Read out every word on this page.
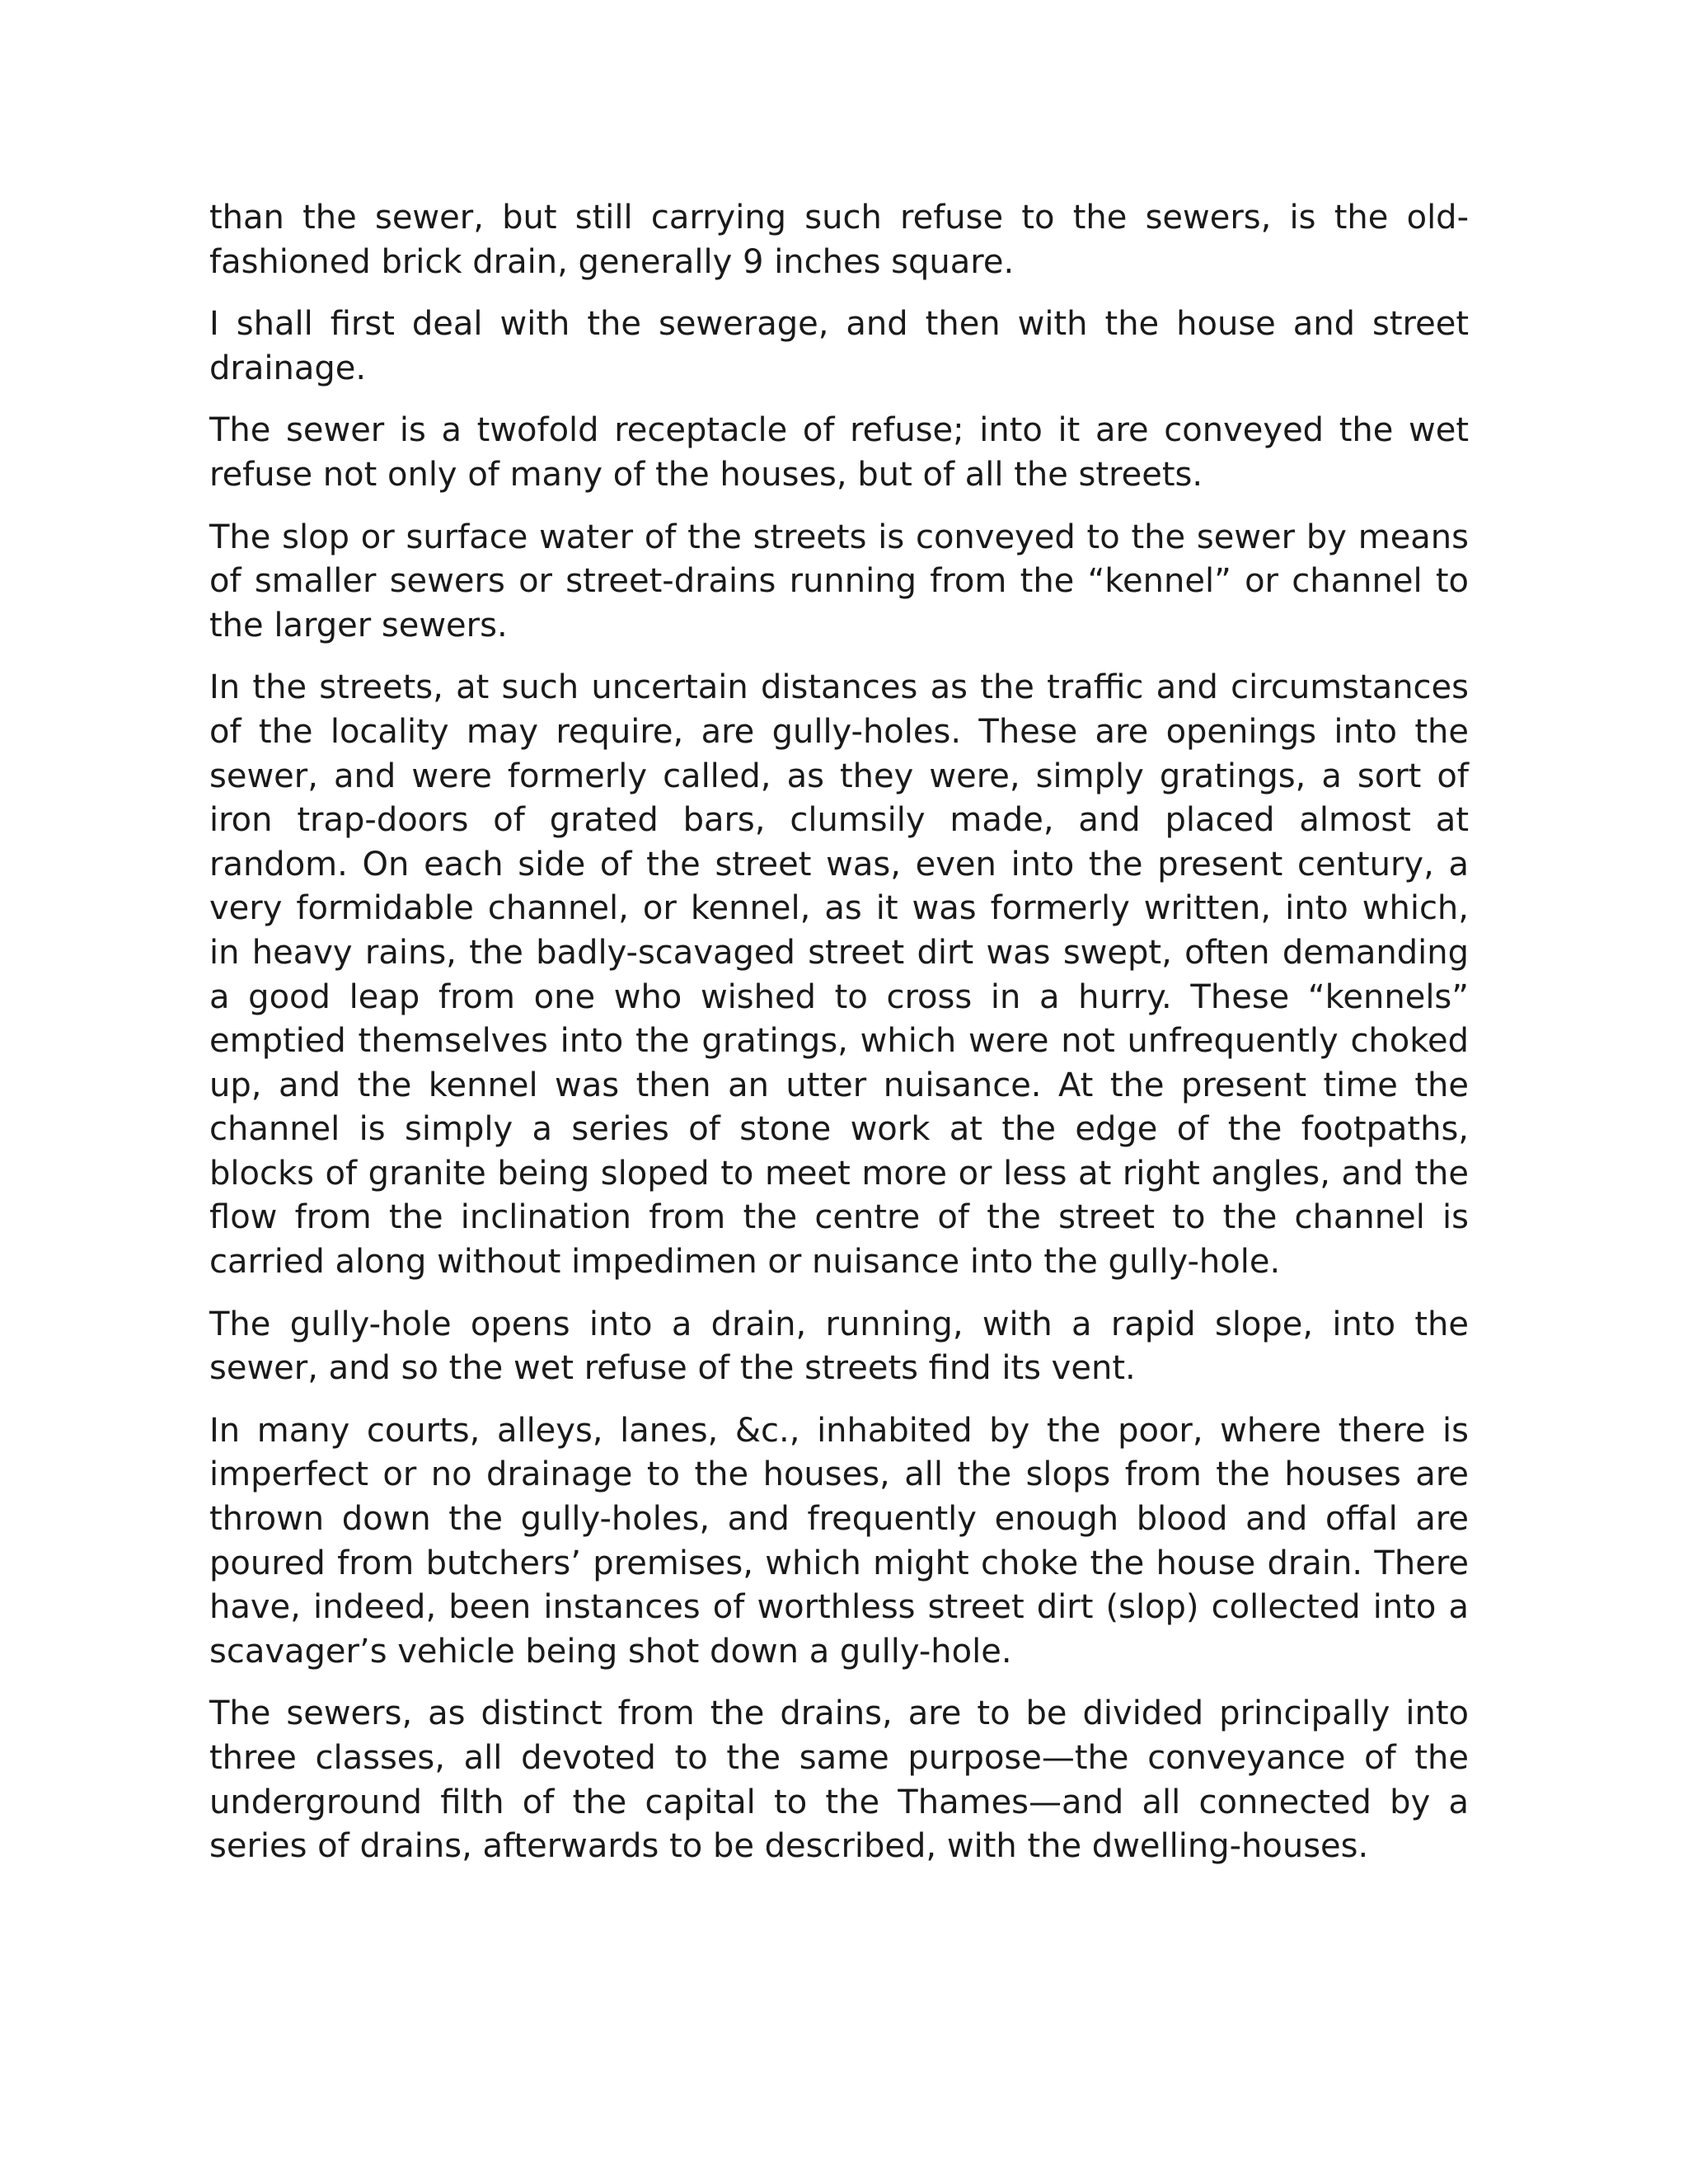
than the sewer, but still carrying such refuse to the sewers, is the old-fashioned brick drain, generally 9 inches square.

I shall first deal with the sewerage, and then with the house and street drainage.

The sewer is a twofold receptacle of refuse; into it are conveyed the wet refuse not only of many of the houses, but of all the streets.

The slop or surface water of the streets is conveyed to the sewer by means of smaller sewers or street-drains running from the “kennel” or channel to the larger sewers.

In the streets, at such uncertain distances as the traffic and circumstances of the locality may require, are gully-holes. These are openings into the sewer, and were formerly called, as they were, simply gratings, a sort of iron trap-doors of grated bars, clumsily made, and placed almost at random. On each side of the street was, even into the present century, a very formidable channel, or kennel, as it was formerly written, into which, in heavy rains, the badly-scavaged street dirt was swept, often demanding a good leap from one who wished to cross in a hurry. These “kennels” emptied themselves into the gratings, which were not unfrequently choked up, and the kennel was then an utter nuisance. At the present time the channel is simply a series of stone work at the edge of the footpaths, blocks of granite being sloped to meet more or less at right angles, and the flow from the inclination from the centre of the street to the channel is carried along without impedimen or nuisance into the gully-hole.

The gully-hole opens into a drain, running, with a rapid slope, into the sewer, and so the wet refuse of the streets find its vent.

In many courts, alleys, lanes, &c., inhabited by the poor, where there is imperfect or no drainage to the houses, all the slops from the houses are thrown down the gully-holes, and frequently enough blood and offal are poured from butchers’ premises, which might choke the house drain. There have, indeed, been instances of worthless street dirt (slop) collected into a scavager’s vehicle being shot down a gully-hole.

The sewers, as distinct from the drains, are to be divided principally into three classes, all devoted to the same purpose—the conveyance of the underground filth of the capital to the Thames—and all connected by a series of drains, afterwards to be described, with the dwelling-houses.
